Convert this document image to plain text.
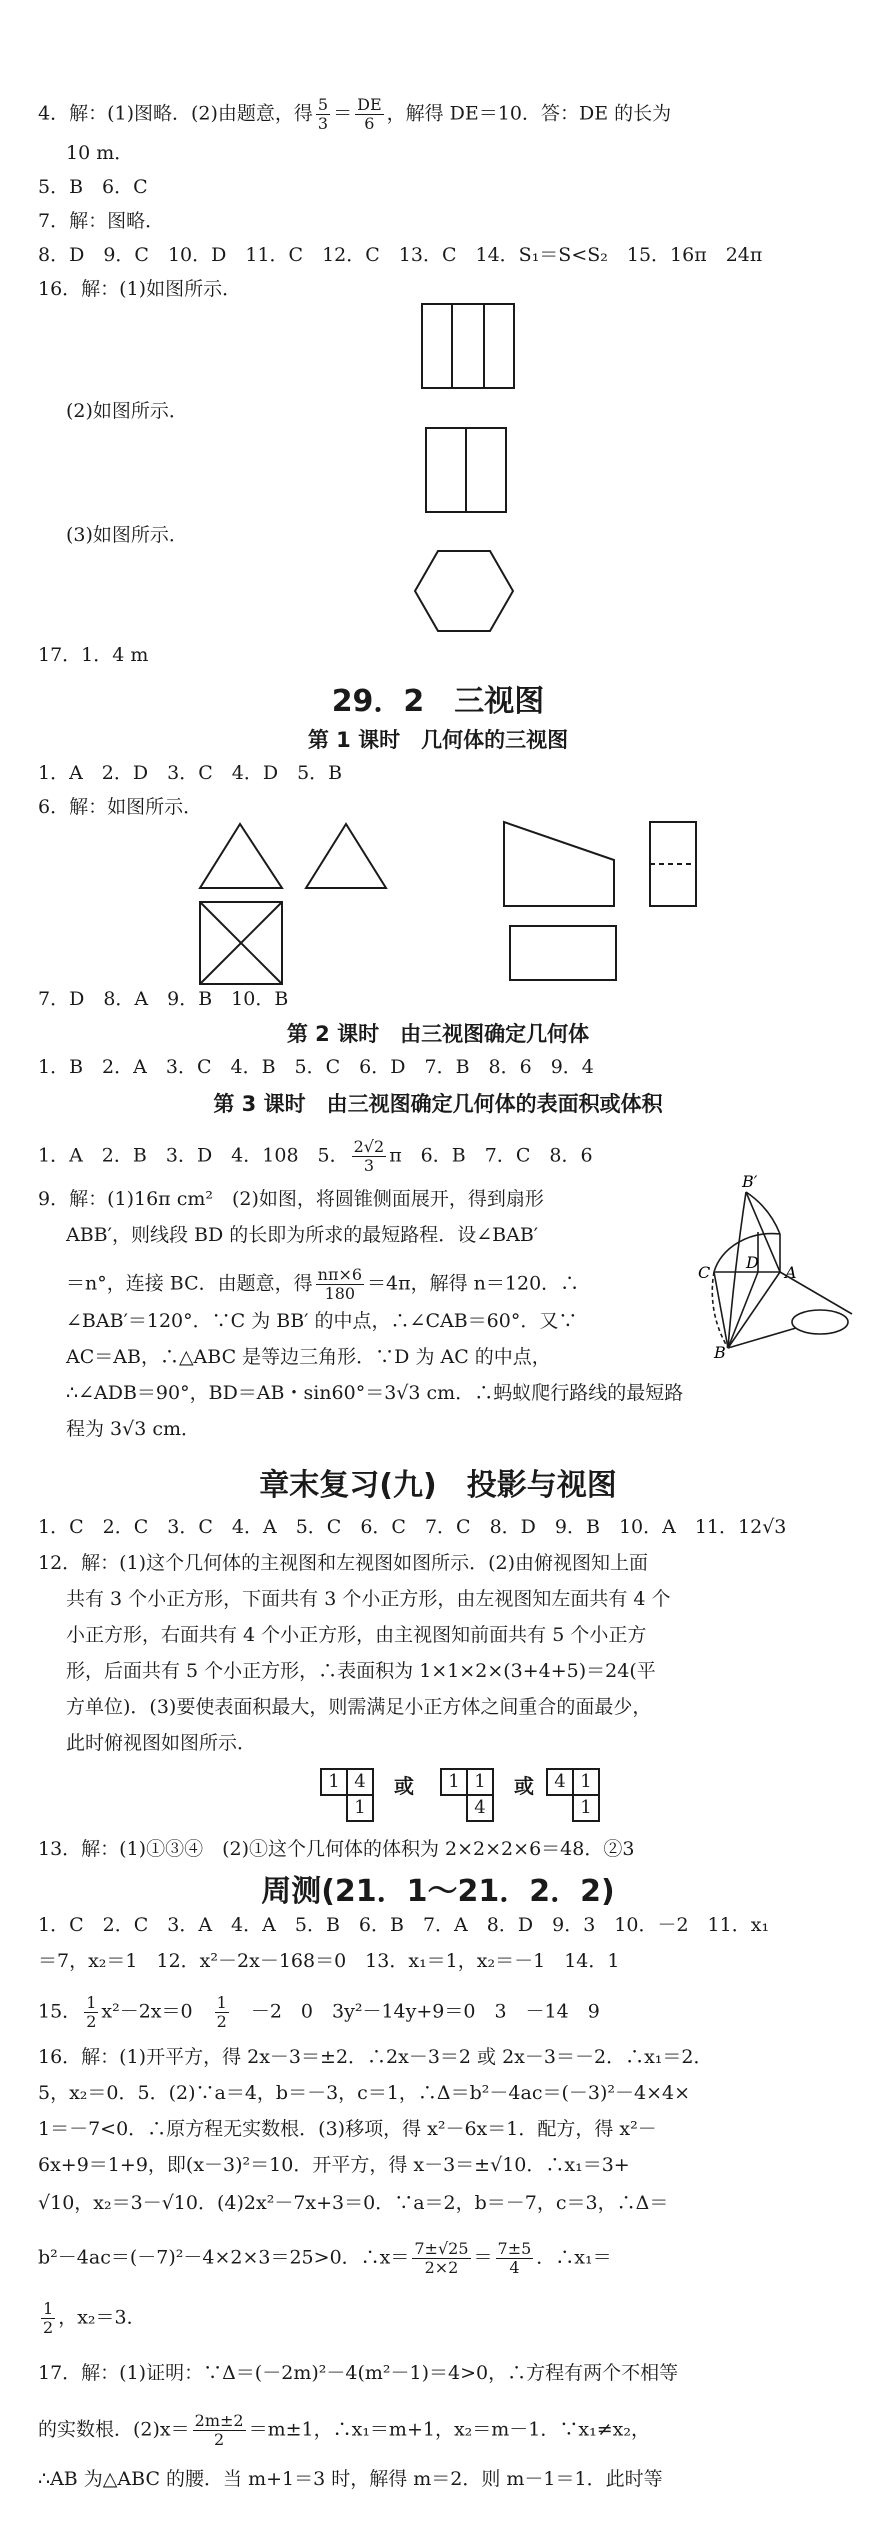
4．解：(1)图略．(2)由题意，得 $\frac{5}{3} = \frac{DE}{6}$ ，解得 DE＝10．答：DE 的长为
10 m．
5．B　6．C
7．解：图略．
8．D　9．C　10．D　11．C　12．C　13．C　14．S₁＝S<S₂　15．16π　24π
16．解：(1)如图所示．
(2)如图所示．
(3)如图所示．
17．1．4 m
29．2　三视图
第 1 课时　几何体的三视图
1．A　2．D　3．C　4．D　5．B
6．解：如图所示．
7．D　8．A　9．B　10．B
第 2 课时　由三视图确定几何体
1．B　2．A　3．C　4．B　5．C　6．D　7．B　8．6　9．4
第 3 课时　由三视图确定几何体的表面积或体积
1．A　2．B　3．D　4．108　5． $\frac{2√2}{3}$ π　6．B　7．C　8．6
9．解：(1)16π cm²　(2)如图，将圆锥侧面展开，得到扇形
ABB′，则线段 BD 的长即为所求的最短路程．设∠BAB′
＝n°，连接 BC．由题意，得 $\frac{n\pi\times 6}{180} =4\pi$，解得 n＝120．∴
∠BAB′＝120°．∵C 为 BB′ 的中点，∴∠CAB＝60°．又∵
AC＝AB，∴△ABC 是等边三角形．∵D 为 AC 的中点，
∴∠ADB＝90°，BD＝AB・sin60°＝3√3 cm．∴蚂蚁爬行路线的最短路
程为 3√3 cm．
B′
A
C
D
B
章末复习(九)　投影与视图
1．C　2．C　3．C　4．A　5．C　6．C　7．C　8．D　9．B　10．A　11．12√3
12．解：(1)这个几何体的主视图和左视图如图所示．(2)由俯视图知上面
共有 3 个小正方形，下面共有 3 个小正方形，由左视图知左面共有 4 个
小正方形，右面共有 4 个小正方形，由主视图知前面共有 5 个小正方
形，后面共有 5 个小正方形，∴表面积为 1×1×2×(3+4+5)＝24(平
方单位)．(3)要使表面积最大，则需满足小正方体之间重合的面最少，
此时俯视图如图所示．
1 4
1
或	1 1
4
或	4 1
1
13．解：(1)①③④　(2)①这个几何体的体积为 2×2×2×6＝48．②3
周测(21．1～21．2．2)
1．C　2．C　3．A　4．A　5．B　6．B　7．A　8．D　9．3　10．－2　11．x₁
＝7，x₂＝1　12．x²－2x－168＝0　13．x₁＝1，x₂＝－1　14．1
15． $\frac{1}{2} x^2-2x=0$　 $\frac{1}{2}$
　 －2　0　3y²－14y+9＝0　3　－14　9
16．解：(1)开平方，得 2x－3＝±2．∴2x－3＝2 或 2x－3＝－2．∴x₁＝2．
5，x₂＝0．5．(2)∵a＝4，b＝－3，c＝1，∴Δ＝b²－4ac＝(－3)²－4×4×
1＝－7<0．∴原方程无实数根．(3)移项，得 x²－6x＝1．配方，得 x²－
6x+9＝1+9，即(x－3)²＝10．开平方，得 x－3＝±√10．∴x₁＝3+
√10，x₂＝3－√10．(4)2x²－7x+3＝0．∵a＝2，b＝－7，c＝3，∴Δ＝
b²－4ac＝(－7)²－4×2×3＝25>0．∴x＝ $\frac{7\pm√25}{2\times 2} = \frac{7\pm 5}{4}$ ．∴x₁＝
$\frac{1}{2}$ ，x₂＝3．
17．解：(1)证明：∵Δ＝(－2m)²－4(m²－1)＝4>0，∴方程有两个不相等
的实数根．$(2)x= \frac{2m\pm 2}{2} =m\pm 1$，∴x₁＝m+1，x₂＝m－1．∵x₁≠x₂，
∴AB 为△ABC 的腰．当 m+1＝3 时，解得 m＝2．则 m－1＝1．此时等
